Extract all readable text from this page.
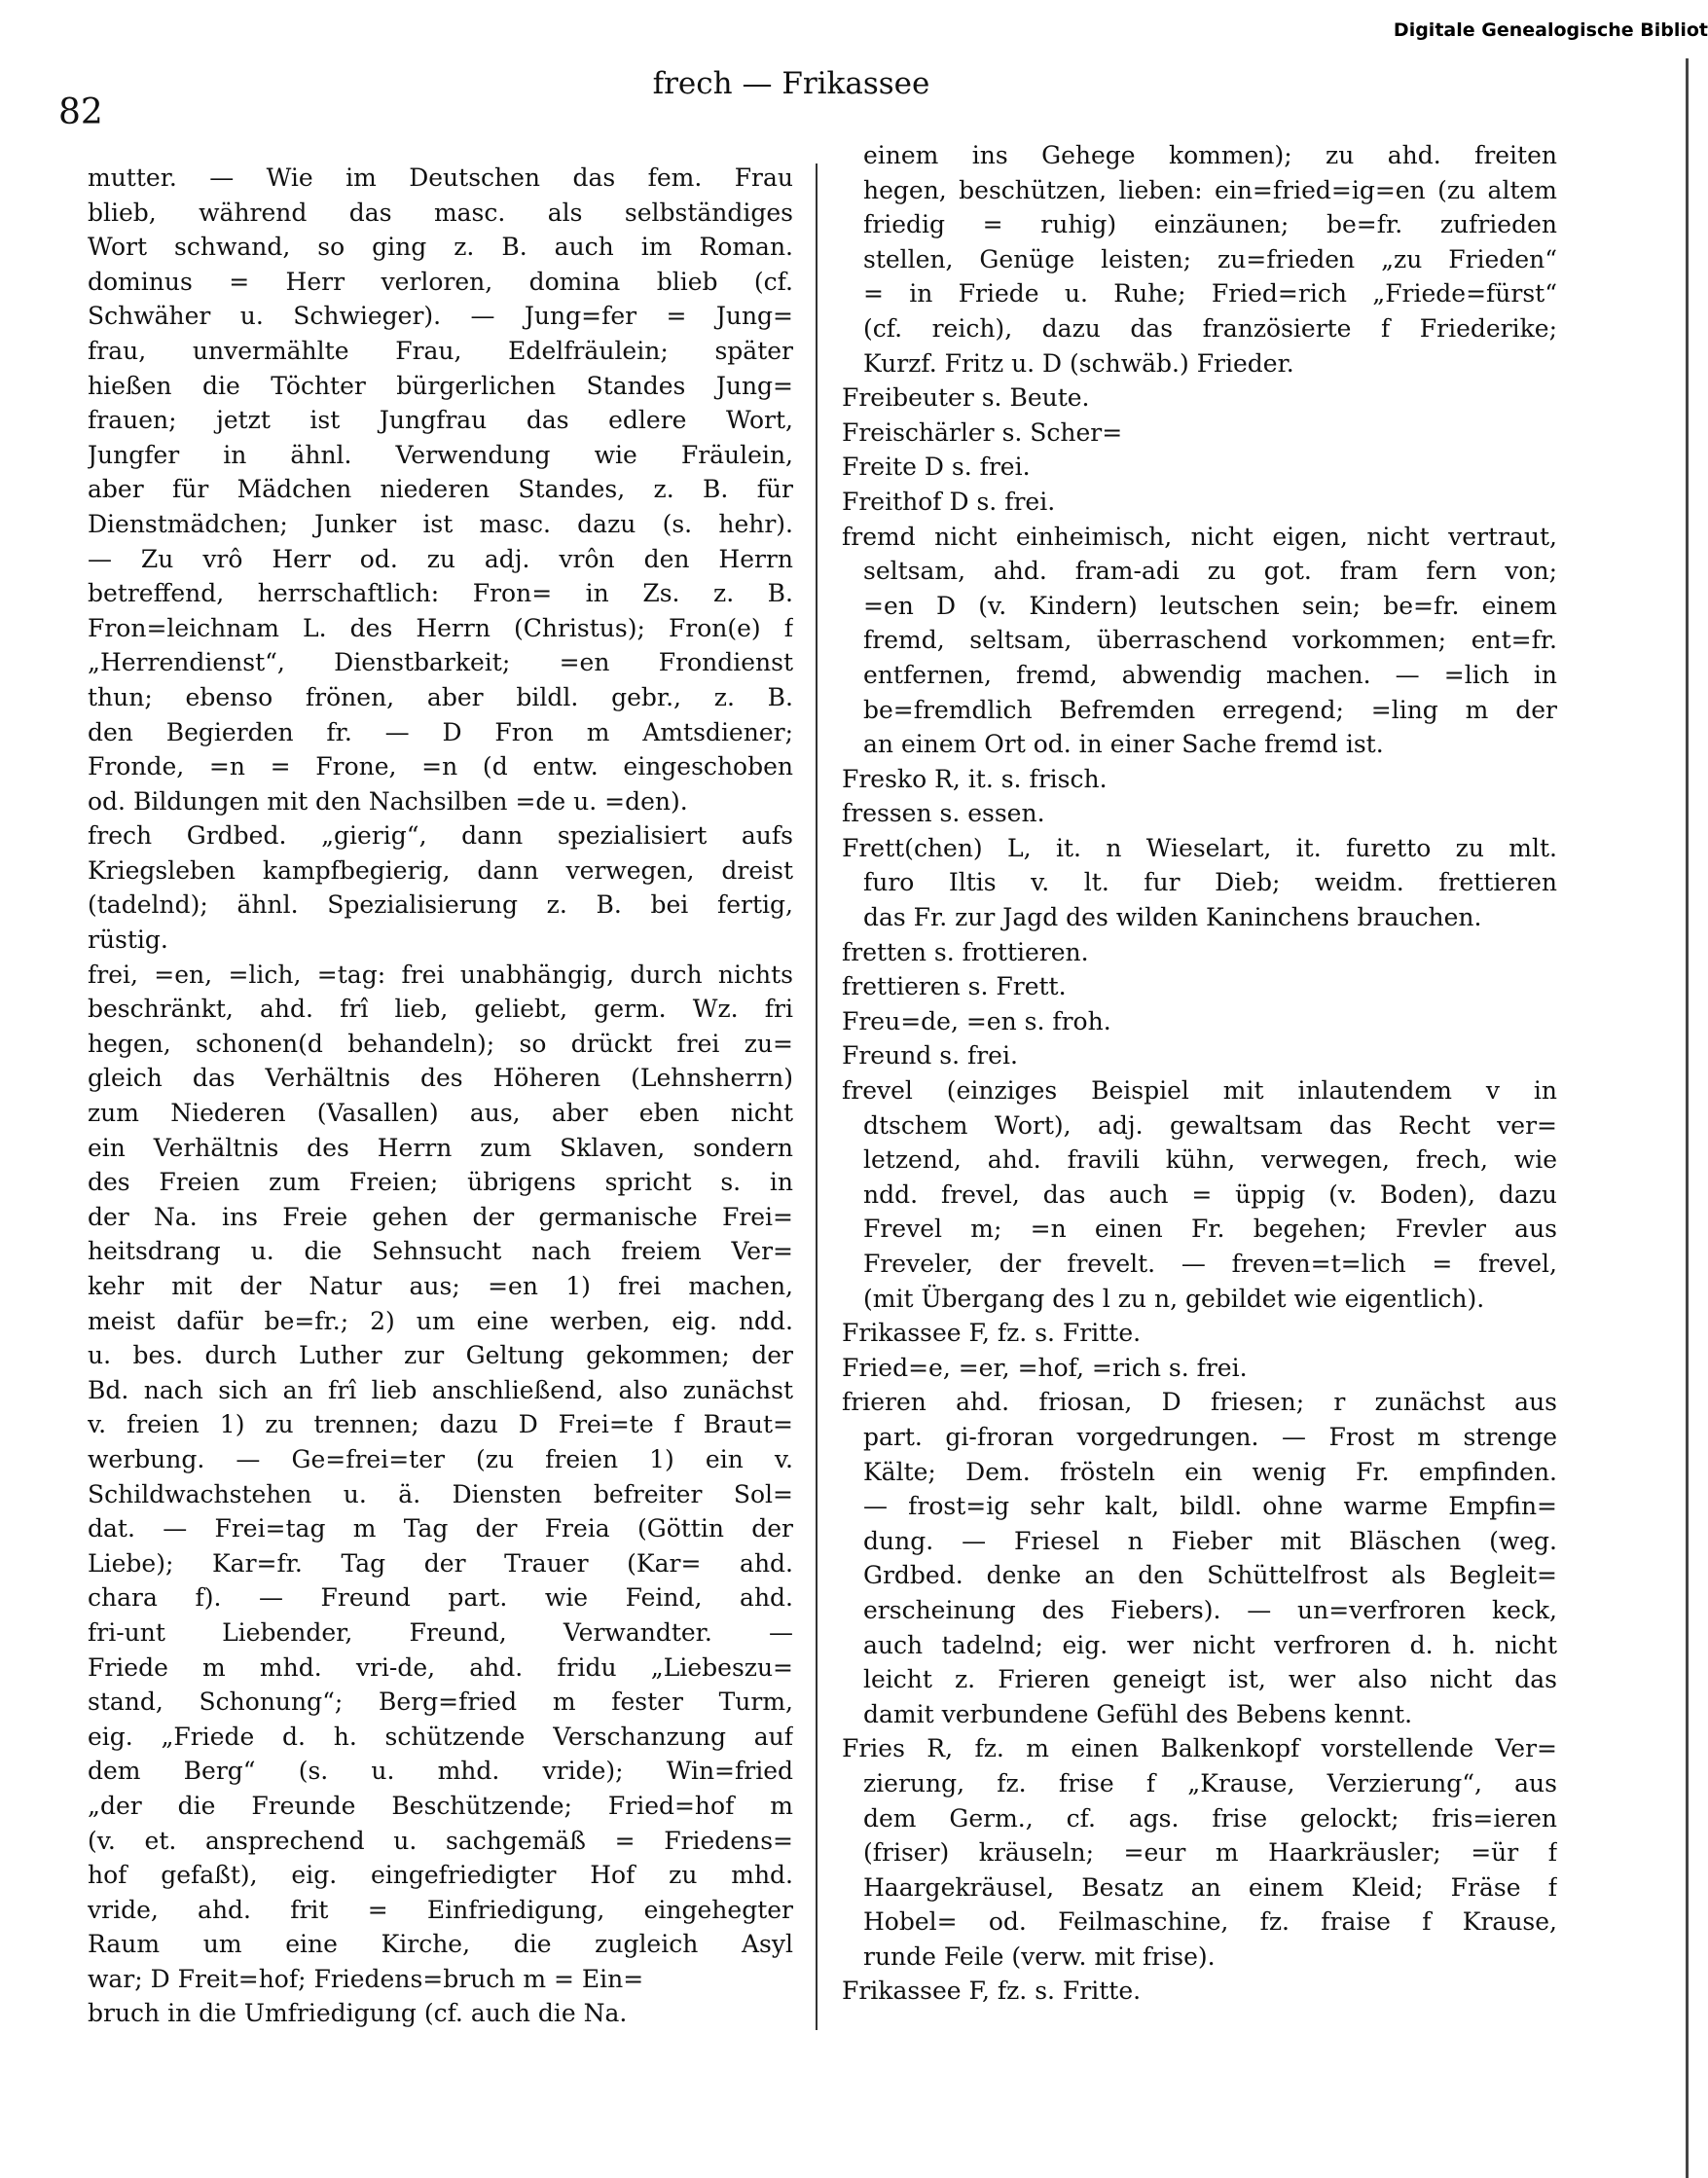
Digitale Genealogische Bibliot
82
frech — Frikassee
mutter. — Wie im Deutschen das fem. Frau
blieb, während das masc. als selbständiges
Wort schwand, so ging z. B. auch im Roman.
dominus = Herr verloren, domina blieb (cf.
Schwäher u. Schwieger). — Jung=fer = Jung=
frau, unvermählte Frau, Edelfräulein; später
hießen die Töchter bürgerlichen Standes Jung=
frauen; jetzt ist Jungfrau das edlere Wort,
Jungfer in ähnl. Verwendung wie Fräulein,
aber für Mädchen niederen Standes, z. B. für
Dienstmädchen; Junker ist masc. dazu (s. hehr).
— Zu vrô Herr od. zu adj. vrôn den Herrn
betreffend, herrschaftlich: Fron= in Zs. z. B.
Fron=leichnam L. des Herrn (Christus); Fron(e) f
„Herrendienst“, Dienstbarkeit; =en Frondienst
thun; ebenso frönen, aber bildl. gebr., z. B.
den Begierden fr. — D Fron m Amtsdiener;
Fronde, =n = Frone, =n (d entw. eingeschoben
od. Bildungen mit den Nachsilben =de u. =den).
frech Grdbed. „gierig“, dann spezialisiert aufs
Kriegsleben kampfbegierig, dann verwegen, dreist
(tadelnd); ähnl. Spezialisierung z. B. bei fertig,
rüstig.
frei, =en, =lich, =tag: frei unabhängig, durch nichts
beschränkt, ahd. frî lieb, geliebt, germ. Wz. fri
hegen, schonen(d behandeln); so drückt frei zu=
gleich das Verhältnis des Höheren (Lehnsherrn)
zum Niederen (Vasallen) aus, aber eben nicht
ein Verhältnis des Herrn zum Sklaven, sondern
des Freien zum Freien; übrigens spricht s. in
der Na. ins Freie gehen der germanische Frei=
heitsdrang u. die Sehnsucht nach freiem Ver=
kehr mit der Natur aus; =en 1) frei machen,
meist dafür be=fr.; 2) um eine werben, eig. ndd.
u. bes. durch Luther zur Geltung gekommen; der
Bd. nach sich an frî lieb anschließend, also zunächst
v. freien 1) zu trennen; dazu D Frei=te f Braut=
werbung. — Ge=frei=ter (zu freien 1) ein v.
Schildwachstehen u. ä. Diensten befreiter Sol=
dat. — Frei=tag m Tag der Freia (Göttin der
Liebe); Kar=fr. Tag der Trauer (Kar= ahd.
chara f). — Freund part. wie Feind, ahd.
fri-unt Liebender, Freund, Verwandter. —
Friede m mhd. vri-de, ahd. fridu „Liebeszu=
stand, Schonung“; Berg=fried m fester Turm,
eig. „Friede d. h. schützende Verschanzung auf
dem Berg“ (s. u. mhd. vride); Win=fried
„der die Freunde Beschützende; Fried=hof m
(v. et. ansprechend u. sachgemäß = Friedens=
hof gefaßt), eig. eingefriedigter Hof zu mhd.
vride, ahd. frit = Einfriedigung, eingehegter
Raum um eine Kirche, die zugleich Asyl
war; D Freit=hof; Friedens=bruch m = Ein=
bruch in die Umfriedigung (cf. auch die Na.
einem ins Gehege kommen); zu ahd. freiten
hegen, beschützen, lieben: ein=fried=ig=en (zu altem
friedig = ruhig) einzäunen; be=fr. zufrieden
stellen, Genüge leisten; zu=frieden „zu Frieden“
= in Friede u. Ruhe; Fried=rich „Friede=fürst“
(cf. reich), dazu das französierte f Friederike;
Kurzf. Fritz u. D (schwäb.) Frieder.
Freibeuter s. Beute.
Freischärler s. Scher=
Freite D s. frei.
Freithof D s. frei.
fremd nicht einheimisch, nicht eigen, nicht vertraut,
seltsam, ahd. fram-adi zu got. fram fern von;
=en D (v. Kindern) leutschen sein; be=fr. einem
fremd, seltsam, überraschend vorkommen; ent=fr.
entfernen, fremd, abwendig machen. — =lich in
be=fremdlich Befremden erregend; =ling m der
an einem Ort od. in einer Sache fremd ist.
Fresko R, it. s. frisch.
fressen s. essen.
Frett(chen) L, it. n Wieselart, it. furetto zu mlt.
furo Iltis v. lt. fur Dieb; weidm. frettieren
das Fr. zur Jagd des wilden Kaninchens brauchen.
fretten s. frottieren.
frettieren s. Frett.
Freu=de, =en s. froh.
Freund s. frei.
frevel (einziges Beispiel mit inlautendem v in
dtschem Wort), adj. gewaltsam das Recht ver=
letzend, ahd. fravili kühn, verwegen, frech, wie
ndd. frevel, das auch = üppig (v. Boden), dazu
Frevel m; =n einen Fr. begehen; Frevler aus
Freveler, der frevelt. — freven=t=lich = frevel,
(mit Übergang des l zu n, gebildet wie eigentlich).
Frikassee F, fz. s. Fritte.
Fried=e, =er, =hof, =rich s. frei.
frieren ahd. friosan, D friesen; r zunächst aus
part. gi-froran vorgedrungen. — Frost m strenge
Kälte; Dem. frösteln ein wenig Fr. empfinden.
— frost=ig sehr kalt, bildl. ohne warme Empfin=
dung. — Friesel n Fieber mit Bläschen (weg.
Grdbed. denke an den Schüttelfrost als Begleit=
erscheinung des Fiebers). — un=verfroren keck,
auch tadelnd; eig. wer nicht verfroren d. h. nicht
leicht z. Frieren geneigt ist, wer also nicht das
damit verbundene Gefühl des Bebens kennt.
Fries R, fz. m einen Balkenkopf vorstellende Ver=
zierung, fz. frise f „Krause, Verzierung“, aus
dem Germ., cf. ags. frise gelockt; fris=ieren
(friser) kräuseln; =eur m Haarkräusler; =ür f
Haargekräusel, Besatz an einem Kleid; Fräse f
Hobel= od. Feilmaschine, fz. fraise f Krause,
runde Feile (verw. mit frise).
Frikassee F, fz. s. Fritte.
